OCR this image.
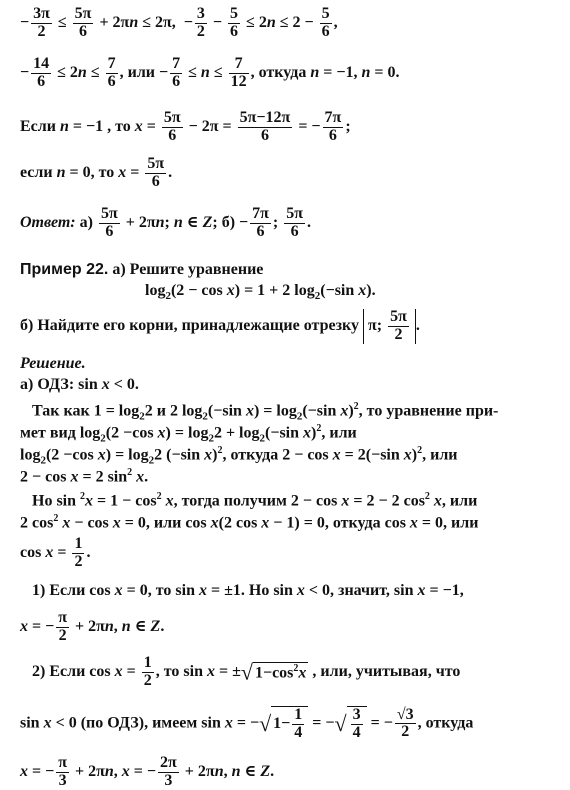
− $\frac{3\pi}{2} \le \frac{5\pi}{6} + 2\pi n \le 2\pi$,  − $\frac{3}{2} - \frac{5}{6} \le 2n \le 2 - \frac{5}{6}$ ,
− $\frac{14}{6} \le 2n \le \frac{7}{6}$ , или − $\frac{7}{6} \le n \le \frac{7}{12}$ , откуда n = −1, n = 0.
Если n = −1 , то $x = \frac{5\pi}{6} - 2\pi = \frac{5\pi-12\pi}{6}$ = − $\frac{7\pi}{6}$ ;
если n = 0, то $x = \frac{5\pi}{6}$ .
Ответ: $а) \frac{5\pi}{6} + 2\pi n$; n ∈ Z; $б) - \frac{7\pi}{6}$ ; $\frac{5\pi}{6}$ .
Пример 22. а) Решите уравнение
$\log_2(2 - \cos x) = 1 + 2$ $\log_2(-\sin$ x).
б) Найдите его корни, принадлежащие отрезку π; $\frac{5\pi}{2}$ .
Решение.
а) ОДЗ: sin x < 0.
Так как $1 = \log_22$ и 2 $\log_2(-\sin$ $x) = \log_2(-\sin$ x)$^2$, то уравнение при-
мет вид $\log_2(2 -\cos$ $x) = \log_22 + \log_2(-\sin$ x)$^2$, или
$\log_2(2 -\cos$ $x) = \log_22$ (−sin x)$^2$, откуда 2 − cos x = 2(−sin x)$^2$, или
2 − cos x = 2 $\sin^2 x$.
Но $\sin ^2x = 1 - \cos^2 x$, тогда получим 2 − cos x = 2 − 2 $\cos^2 x$, или
2 $\cos^2 x - \cos x = 0$, или cos x(2 cos x − 1) = 0, откуда cos x = 0, или
$\cos x = \frac{1}{2}$ .
1) Если cos x = 0, то sin x = ±1. Но sin x < 0, значит, sin x = −1,
x = − $\frac{\pi}{2} + 2\pi n$, n ∈ Z.
2) Если $\cos x = \frac{1}{2}$ , то sin x = ±√ $1-\cos^2x$ , или, учитывая, что
sin x < 0 (по ОДЗ), имеем sin x = −√ $1- \frac{1}{4}$ = −√ $\frac{3}{4}$ = − $\frac{√3}{2}$ , откуда
x = − $\frac{\pi}{3} + 2\pi n$, x = − $\frac{2\pi}{3} + 2\pi n$, n ∈ Z.
